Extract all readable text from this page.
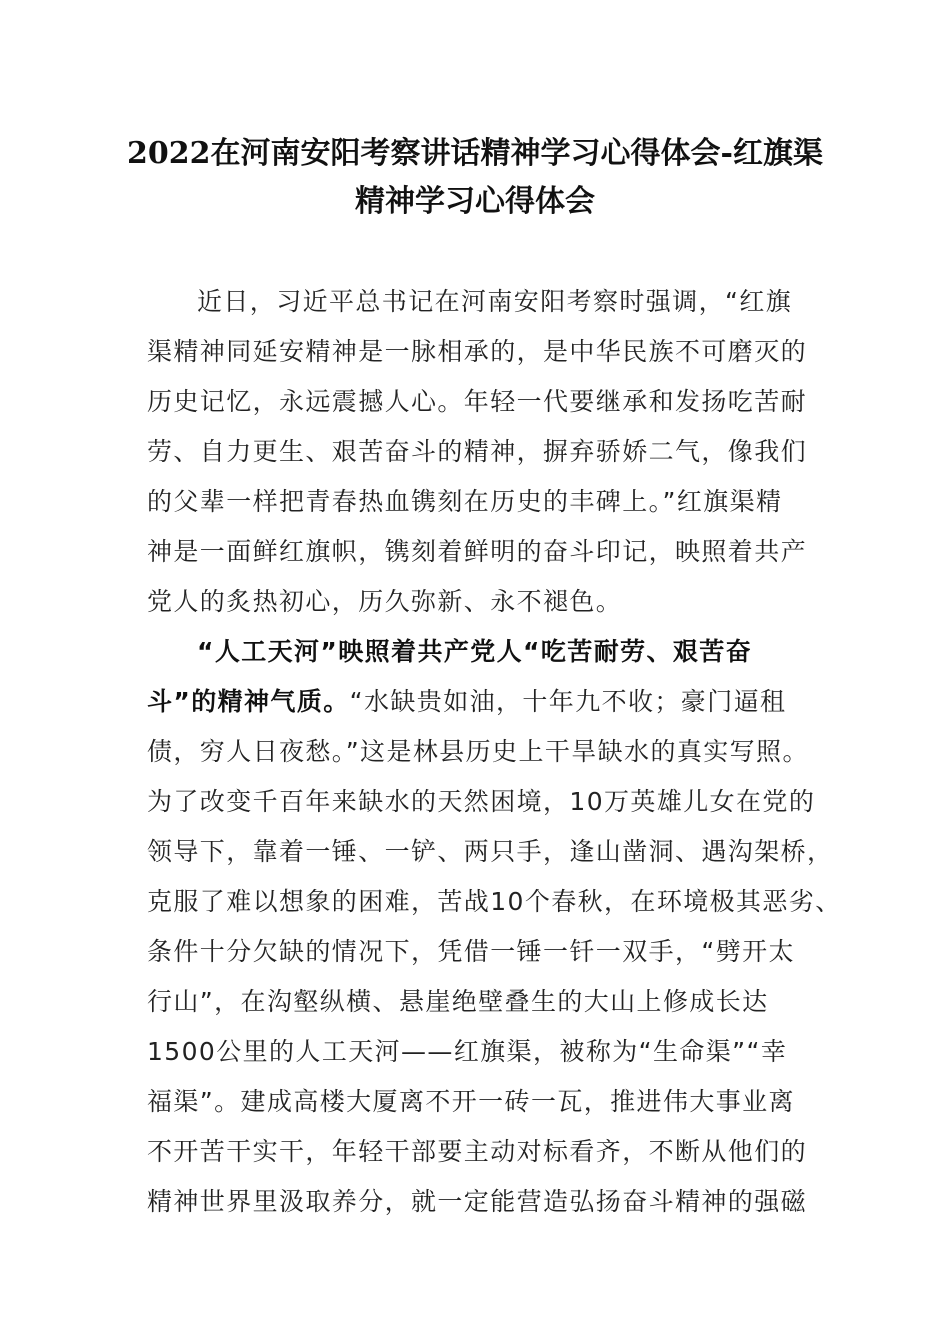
2022在河南安阳考察讲话精神学习心得体会-红旗渠
精神学习心得体会
近日，习近平总书记在河南安阳考察时强调，“红旗
渠精神同延安精神是一脉相承的，是中华民族不可磨灭的
历史记忆，永远震撼人心。年轻一代要继承和发扬吃苦耐
劳、自力更生、艰苦奋斗的精神，摒弃骄娇二气，像我们
的父辈一样把青春热血镌刻在历史的丰碑上。”红旗渠精
神是一面鲜红旗帜，镌刻着鲜明的奋斗印记，映照着共产
党人的炙热初心，历久弥新、永不褪色。
“人工天河”映照着共产党人“吃苦耐劳、艰苦奋
斗”的精神气质。“水缺贵如油，十年九不收；豪门逼租
债，穷人日夜愁。”这是林县历史上干旱缺水的真实写照。
为了改变千百年来缺水的天然困境，10万英雄儿女在党的
领导下，靠着一锤、一铲、两只手，逢山凿洞、遇沟架桥，
克服了难以想象的困难，苦战10个春秋，在环境极其恶劣、
条件十分欠缺的情况下，凭借一锤一钎一双手，“劈开太
行山”，在沟壑纵横、悬崖绝壁叠生的大山上修成长达
1500公里的人工天河——红旗渠，被称为“生命渠”“幸
福渠”。建成高楼大厦离不开一砖一瓦，推进伟大事业离
不开苦干实干，年轻干部要主动对标看齐，不断从他们的
精神世界里汲取养分，就一定能营造弘扬奋斗精神的强磁
